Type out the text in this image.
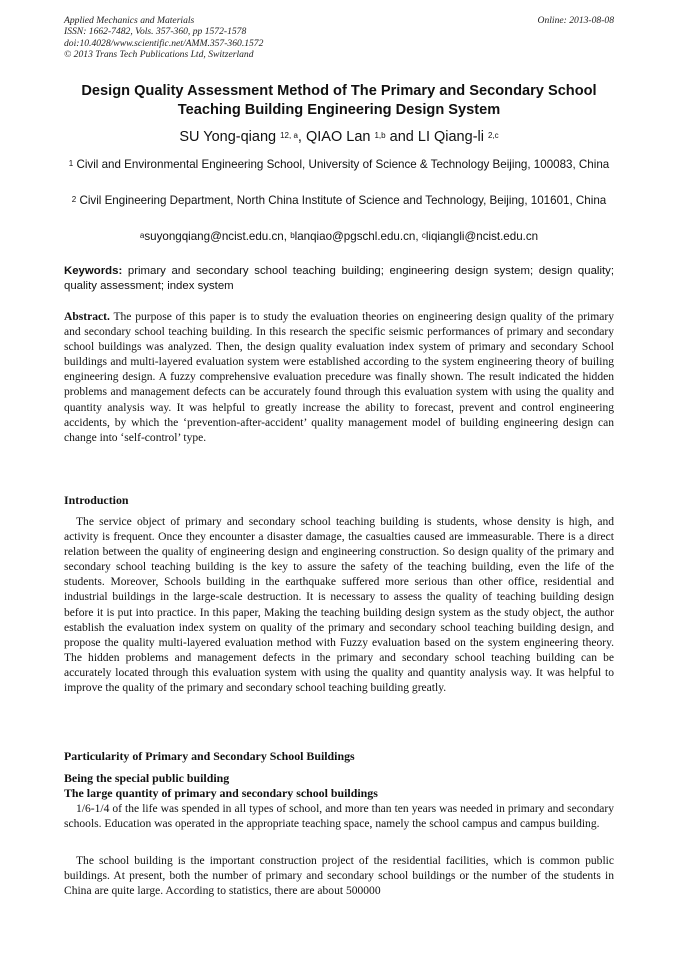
Applied Mechanics and Materials
ISSN: 1662-7482, Vols. 357-360, pp 1572-1578
doi:10.4028/www.scientific.net/AMM.357-360.1572
© 2013 Trans Tech Publications Ltd, Switzerland
Online: 2013-08-08
Design Quality Assessment Method of The Primary and Secondary School Teaching Building Engineering Design System
SU Yong-qiang $^{12, a}$, QIAO Lan $^{1,b}$ and LI Qiang-li $^{2,c}$
$^1$ Civil and Environmental Engineering School, University of Science & Technology Beijing, 100083, China
$^2$ Civil Engineering Department, North China Institute of Science and Technology, Beijing, 101601, China
$^a$suyongqiang@ncist.edu.cn, $^b$lanqiao@pgschl.edu.cn, $^c$liqiangli@ncist.edu.cn
Keywords: primary and secondary school teaching building; engineering design system; design quality; quality assessment; index system

Abstract. The purpose of this paper is to study the evaluation theories on engineering design quality of the primary and secondary school teaching building. In this research the specific seismic performances of primary and secondary school buildings was analyzed. Then, the design quality evaluation index system of primary and secondary School buildings and multi-layered evaluation system were established according to the system engineering theory of builing engineering design. A fuzzy comprehensive evaluation precedure was finally shown. The result indicated the hidden problems and management defects can be accurately found through this evaluation system with using the quality and quantity analysis way. It was helpful to greatly increase the ability to forecast, prevent and control engineering accidents, by which the ‘prevention-after-accident’ quality management model of building engineering design can change into ‘self-control’ type.

Introduction

The service object of primary and secondary school teaching building is students, whose density is high, and activity is frequent. Once they encounter a disaster damage, the casualties caused are immeasurable. There is a direct relation between the quality of engineering design and engineering construction. So design quality of the primary and secondary school teaching building is the key to assure the safety of the teaching building, even the life of the students. Moreover, Schools building in the earthquake suffered more serious than other office, residential and industrial buildings in the large-scale destruction. It is necessary to assess the quality of teaching building design before it is put into practice. In this paper, Making the teaching building design system as the study object, the author establish the evaluation index system on quality of the primary and secondary school teaching building design, and propose the quality multi-layered evaluation method with Fuzzy evaluation based on the system engineering theory. The hidden problems and management defects in the primary and secondary school teaching building can be accurately located through this evaluation system with using the quality and quantity analysis way. It was helpful to improve the quality of the primary and secondary school teaching building greatly.

Particularity of Primary and Secondary School Buildings
Being the special public building
The large quantity of primary and secondary school buildings

1/6-1/4 of the life was spended in all types of school, and more than ten years was needed in primary and secondary schools. Education was operated in the appropriate teaching space, namely the school campus and campus building.

The school building is the important construction project of the residential facilities, which is common public buildings. At present, both the number of primary and secondary school buildings or the number of the students in China are quite large. According to statistics, there are about 500000
